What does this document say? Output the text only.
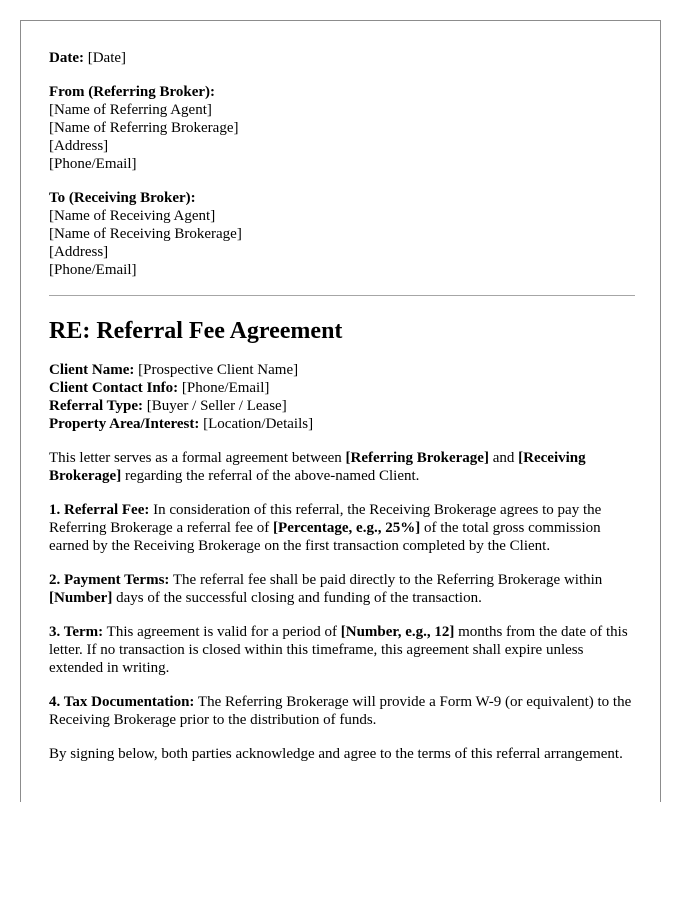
Date: [Date]
From (Referring Broker):
[Name of Referring Agent]
[Name of Referring Brokerage]
[Address]
[Phone/Email]
To (Receiving Broker):
[Name of Receiving Agent]
[Name of Receiving Brokerage]
[Address]
[Phone/Email]
RE: Referral Fee Agreement
Client Name: [Prospective Client Name]
Client Contact Info: [Phone/Email]
Referral Type: [Buyer / Seller / Lease]
Property Area/Interest: [Location/Details]

This letter serves as a formal agreement between [Referring Brokerage] and [Receiving Brokerage] regarding the referral of the above-named Client.

1. Referral Fee: In consideration of this referral, the Receiving Brokerage agrees to pay the Referring Brokerage a referral fee of [Percentage, e.g., 25%] of the total gross commission earned by the Receiving Brokerage on the first transaction completed by the Client.

2. Payment Terms: The referral fee shall be paid directly to the Referring Brokerage within [Number] days of the successful closing and funding of the transaction.

3. Term: This agreement is valid for a period of [Number, e.g., 12] months from the date of this letter. If no transaction is closed within this timeframe, this agreement shall expire unless extended in writing.

4. Tax Documentation: The Referring Brokerage will provide a Form W-9 (or equivalent) to the Receiving Brokerage prior to the distribution of funds.

By signing below, both parties acknowledge and agree to the terms of this referral arrangement.
